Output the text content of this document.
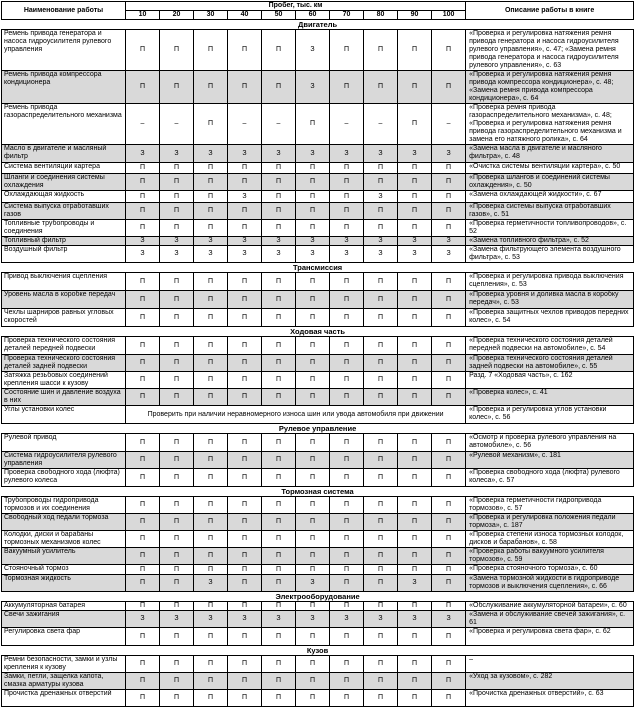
Наименование работы	Пробег, тыс. км										Описание работы в книге
	10	20	30	40	50	60	70	80	90	100	
Двигатель											
Ремень привода генератора и насоса гидроусилителя рулевого управления	П	П	П	П	П	З	П	П	П	П	«Проверка и регулировка натяжения ремня привода генератора и насоса гидроусилителя рулевого управления», с. 47; «Замена ремня привода генератора и насоса гидроусилителя рулевого управления», с. 63
Ремень привода компрессора кондиционера	П	П	П	П	П	З	П	П	П	П	«Проверка и регулировка натяжения ремня привода компрессора кондиционера», с. 48; «Замена ремня привода компрессора кондиционера», с. 64
Ремень привода газораспределительного механизма	–	–	П	–	–	П	–	–	П	–	«Проверка ремня привода газораспределительного механизма», с. 48; «Проверка и регулировка натяжения ремня привода газораспределительного механизма и замена его натяжного ролика», с. 64
Масло в двигателе и масляный фильтр	З	З	З	З	З	З	З	З	З	З	«Замена масла в двигателе и масляного фильтра», с. 48
Система вентиляции картера	П	П	П	П	П	П	П	П	П	П	«Очистка системы вентиляции картера», с. 50
Шланги и соединения системы охлаждения	П	П	П	П	П	П	П	П	П	П	«Проверка шлангов и соединений системы охлаждения», с. 50
Охлаждающая жидкость	П	П	П	З	П	П	П	З	П	П	«Замена охлаждающей жидкости», с. 67
Система выпуска отработавших газов	П	П	П	П	П	П	П	П	П	П	«Проверка системы выпуска отработавших газов», с. 51
Топливные трубопроводы и соединения	П	П	П	П	П	П	П	П	П	П	«Проверка герметичности топливопроводов», с. 52
Топливный фильтр	З	З	З	З	З	З	З	З	З	З	«Замена топливного фильтра», с. 52
Воздушный фильтр	З	З	З	З	З	З	З	З	З	З	«Замена фильтрующего элемента воздушного фильтра», с. 53
Трансмиссия											
Привод выключения сцепления	П	П	П	П	П	П	П	П	П	П	«Проверка и регулировка привода выключения сцепления», с. 53
Уровень масла в коробке передач	П	П	П	П	П	П	П	П	П	П	«Проверка уровня и доливка масла в коробку передач», с. 53
Чехлы шарниров равных угловых скоростей	П	П	П	П	П	П	П	П	П	П	«Проверка защитных чехлов приводов передних колес», с. 54
Ходовая часть											
Проверка технического состояния деталей передней подвески	П	П	П	П	П	П	П	П	П	П	«Проверка технического состояния деталей передней подвески на автомобиле», с. 54
Проверка технического состояния деталей задней подвески	П	П	П	П	П	П	П	П	П	П	«Проверка технического состояния деталей задней подвески на автомобиле», с. 55
Затяжка резьбовых соединений крепления шасси к кузову	П	П	П	П	П	П	П	П	П	П	Разд. 7 «Ходовая часть», с. 162
Состояние шин и давление воздуха в них	П	П	П	П	П	П	П	П	П	П	«Проверка колес», с. 41
Углы установки колес	Проверить при наличии неравномерного износа шин или увода автомобиля при движении										«Проверка и регулировка углов установки колес», с. 56
Рулевое управление											
Рулевой привод	П	П	П	П	П	П	П	П	П	П	«Осмотр и проверка рулевого управления на автомобиле», с. 56
Система гидроусилителя рулевого управления	П	П	П	П	П	П	П	П	П	П	«Рулевой механизм», с. 181
Проверка свободного хода (люфта) рулевого колеса	П	П	П	П	П	П	П	П	П	П	«Проверка свободного хода (люфта) рулевого колеса», с. 57
Тормозная система											
Трубопроводы гидропривода тормозов и их соединения	П	П	П	П	П	П	П	П	П	П	«Проверка герметичности гидропривода тормозов», с. 57
Свободный ход педали тормоза	П	П	П	П	П	П	П	П	П	П	«Проверка и регулировка положения педали тормоза», с. 187
Колодки, диски и барабаны тормозных механизмов колес	П	П	П	П	П	П	П	П	П	П	«Проверка степени износа тормозных колодок, дисков и барабанов», с. 58
Вакуумный усилитель	П	П	П	П	П	П	П	П	П	П	«Проверка работы вакуумного усилителя тормозов», с. 59
Стояночный тормоз	П	П	П	П	П	П	П	П	П	П	«Проверка стояночного тормоза», с. 60
Тормозная жидкость	П	П	З	П	П	З	П	П	З	П	«Замена тормозной жидкости в гидроприводе тормозов и выключения сцепления», с. 66
Электрооборудование											
Аккумуляторная батарея	П	П	П	П	П	П	П	П	П	П	«Обслуживание аккумуляторной батареи», с. 60
Свечи зажигания	З	З	З	З	З	З	З	З	З	З	«Замена и обслуживание свечей зажигания», с. 61
Регулировка света фар	П	П	П	П	П	П	П	П	П	П	«Проверка и регулировка света фар», с. 62
Кузов											
Ремни безопасности, замки и узлы крепления к кузову	П	П	П	П	П	П	П	П	П	П	–
Замки, петли, защелка капота, смазка арматуры кузова	П	П	П	П	П	П	П	П	П	П	«Уход за кузовом», с. 282
Прочистка дренажных отверстий	П	П	П	П	П	П	П	П	П	П	«Прочистка дренажных отверстий», с. 63
